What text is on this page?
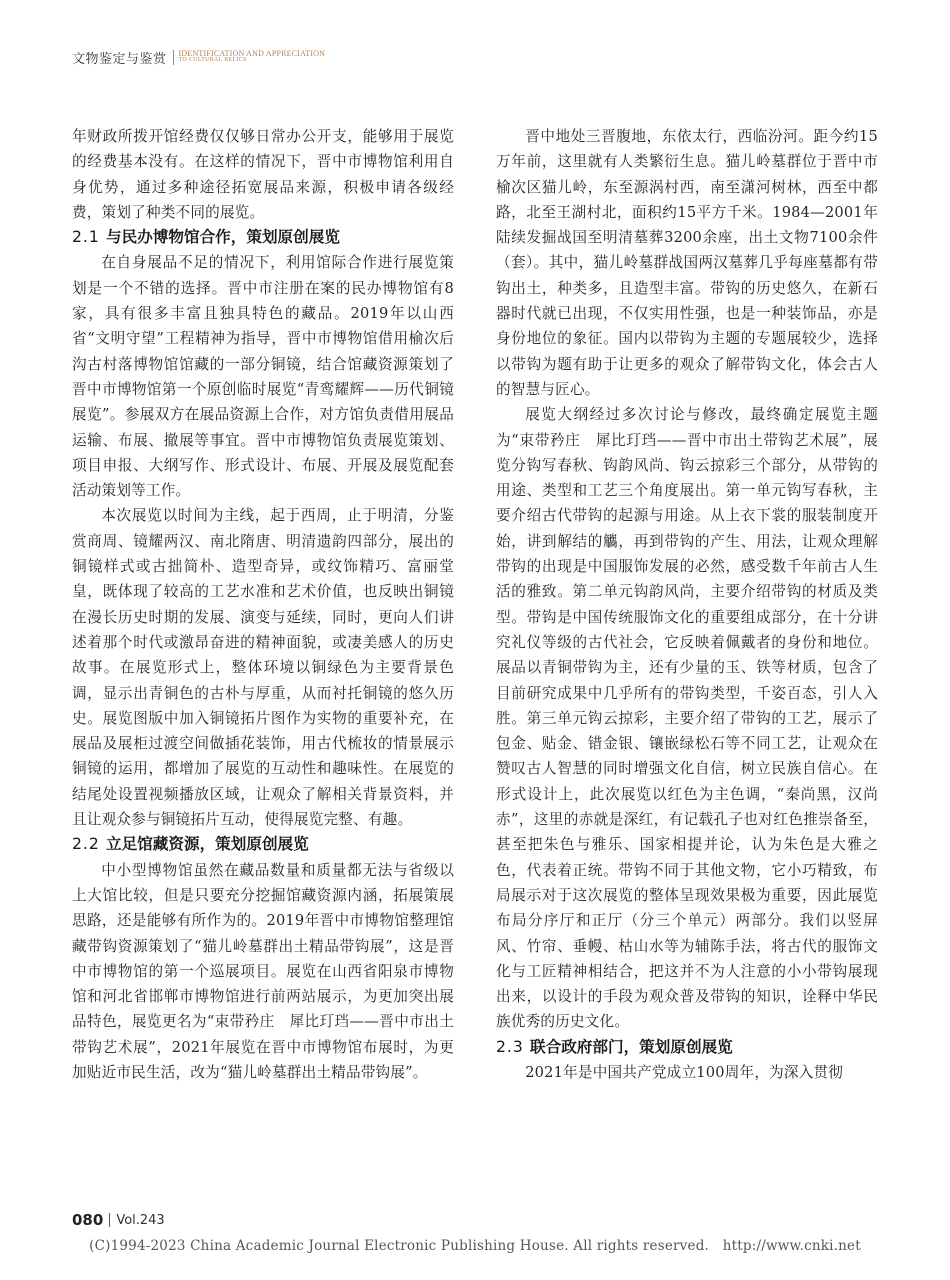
文物鉴定与鉴赏 IDENTIFICATION AND APPRECIATION
TO CULTURAL RELICS

年财政所拨开馆经费仅仅够日常办公开支，能够用于展览的经费基本没有。在这样的情况下，晋中市博物馆利用自身优势，通过多种途径拓宽展品来源，积极申请各级经费，策划了种类不同的展览。

2.1 与民办博物馆合作，策划原创展览

在自身展品不足的情况下，利用馆际合作进行展览策划是一个不错的选择。晋中市注册在案的民办博物馆有8家，具有很多丰富且独具特色的藏品。2019年以山西省“文明守望”工程精神为指导，晋中市博物馆借用榆次后沟古村落博物馆馆藏的一部分铜镜，结合馆藏资源策划了晋中市博物馆第一个原创临时展览“青鸾耀辉——历代铜镜展览”。参展双方在展品资源上合作，对方馆负责借用展品运输、布展、撤展等事宜。晋中市博物馆负责展览策划、项目申报、大纲写作、形式设计、布展、开展及展览配套活动策划等工作。

本次展览以时间为主线，起于西周，止于明清，分鉴赏商周、镜耀两汉、南北隋唐、明清遗韵四部分，展出的铜镜样式或古拙简朴、造型奇异，或纹饰精巧、富丽堂皇，既体现了较高的工艺水准和艺术价值，也反映出铜镜在漫长历史时期的发展、演变与延续，同时，更向人们讲述着那个时代或激昂奋进的精神面貌，或凄美感人的历史故事。在展览形式上，整体环境以铜绿色为主要背景色调，显示出青铜色的古朴与厚重，从而衬托铜镜的悠久历史。展览图版中加入铜镜拓片图作为实物的重要补充，在展品及展柜过渡空间做插花装饰，用古代梳妆的情景展示铜镜的运用，都增加了展览的互动性和趣味性。在展览的结尾处设置视频播放区域，让观众了解相关背景资料，并且让观众参与铜镜拓片互动，使得展览完整、有趣。

2.2 立足馆藏资源，策划原创展览

中小型博物馆虽然在藏品数量和质量都无法与省级以上大馆比较，但是只要充分挖掘馆藏资源内涵，拓展策展思路，还是能够有所作为的。2019年晋中市博物馆整理馆藏带钩资源策划了“猫儿岭墓群出土精品带钩展”，这是晋中市博物馆的第一个巡展项目。展览在山西省阳泉市博物馆和河北省邯郸市博物馆进行前两站展示，为更加突出展品特色，展览更名为“束带矜庄　犀比玎珰——晋中市出土带钩艺术展”，2021年展览在晋中市博物馆布展时，为更加贴近市民生活，改为“猫儿岭墓群出土精品带钩展”。

晋中地处三晋腹地，东依太行，西临汾河。距今约15万年前，这里就有人类繁衍生息。猫儿岭墓群位于晋中市榆次区猫儿岭，东至源涡村西，南至潇河树林，西至中都路，北至王湖村北，面积约15平方千米。1984—2001年陆续发掘战国至明清墓葬3200余座，出土文物7100余件（套）。其中，猫儿岭墓群战国两汉墓葬几乎每座墓都有带钩出土，种类多，且造型丰富。带钩的历史悠久，在新石器时代就已出现，不仅实用性强，也是一种装饰品，亦是身份地位的象征。国内以带钩为主题的专题展较少，选择以带钩为题有助于让更多的观众了解带钩文化，体会古人的智慧与匠心。

展览大纲经过多次讨论与修改，最终确定展览主题为“束带矜庄　犀比玎珰——晋中市出土带钩艺术展”，展览分钩写春秋、钩韵风尚、钩云掠彩三个部分，从带钩的用途、类型和工艺三个角度展出。第一单元钩写春秋，主要介绍古代带钩的起源与用途。从上衣下裳的服装制度开始，讲到解结的觿，再到带钩的产生、用法，让观众理解带钩的出现是中国服饰发展的必然，感受数千年前古人生活的雅致。第二单元钩韵风尚，主要介绍带钩的材质及类型。带钩是中国传统服饰文化的重要组成部分，在十分讲究礼仪等级的古代社会，它反映着佩戴者的身份和地位。展品以青铜带钩为主，还有少量的玉、铁等材质，包含了目前研究成果中几乎所有的带钩类型，千姿百态，引人入胜。第三单元钩云掠彩，主要介绍了带钩的工艺，展示了包金、贴金、错金银、镶嵌绿松石等不同工艺，让观众在赞叹古人智慧的同时增强文化自信，树立民族自信心。在形式设计上，此次展览以红色为主色调，“秦尚黑，汉尚赤”，这里的赤就是深红，有记载孔子也对红色推崇备至，甚至把朱色与雅乐、国家相提并论，认为朱色是大雅之色，代表着正统。带钩不同于其他文物，它小巧精致，布局展示对于这次展览的整体呈现效果极为重要，因此展览布局分序厅和正厅（分三个单元）两部分。我们以竖屏风、竹帘、垂幔、枯山水等为辅陈手法，将古代的服饰文化与工匠精神相结合，把这并不为人注意的小小带钩展现出来，以设计的手段为观众普及带钩的知识，诠释中华民族优秀的历史文化。

2.3 联合政府部门，策划原创展览

2021年是中国共产党成立100周年，为深入贯彻

080 Vol.243
(C)1994-2023 China Academic Journal Electronic Publishing House. All rights reserved.　http://www.cnki.net
